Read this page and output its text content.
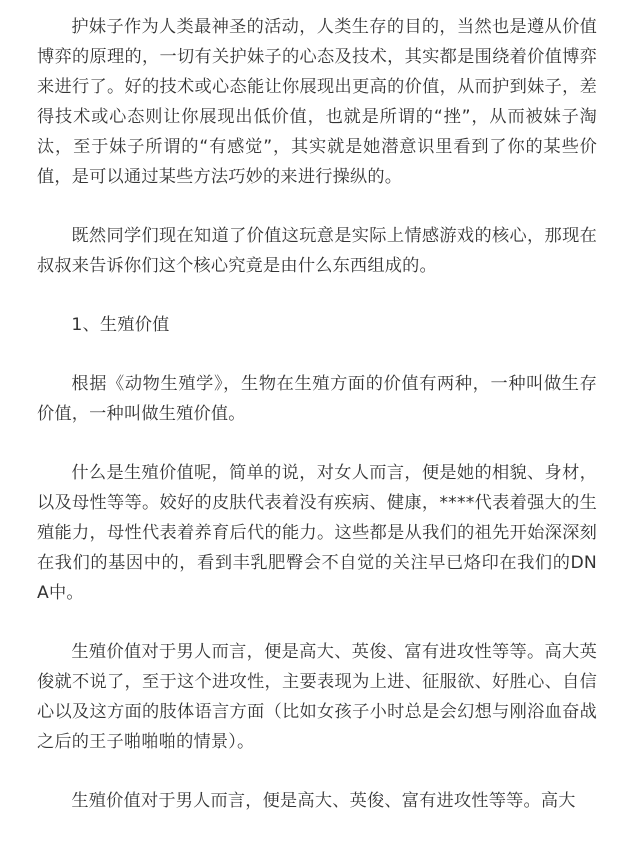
护妹子作为人类最神圣的活动，人类生存的目的，当然也是遵从价值博弈的原理的，一切有关护妹子的心态及技术，其实都是围绕着价值博弈来进行了。好的技术或心态能让你展现出更高的价值，从而护到妹子，差得技术或心态则让你展现出低价值，也就是所谓的“挫”，从而被妹子淘汰，至于妹子所谓的“有感觉”，其实就是她潜意识里看到了你的某些价值，是可以通过某些方法巧妙的来进行操纵的。

既然同学们现在知道了价值这玩意是实际上情感游戏的核心，那现在叔叔来告诉你们这个核心究竟是由什么东西组成的。

1、生殖价值

根据《动物生殖学》，生物在生殖方面的价值有两种，一种叫做生存价值，一种叫做生殖价值。

什么是生殖价值呢，简单的说，对女人而言，便是她的相貌、身材，以及母性等等。姣好的皮肤代表着没有疾病、健康，****代表着强大的生殖能力，母性代表着养育后代的能力。这些都是从我们的祖先开始深深刻在我们的基因中的，看到丰乳肥臀会不自觉的关注早已烙印在我们的DNA中。

生殖价值对于男人而言，便是高大、英俊、富有进攻性等等。高大英俊就不说了，至于这个进攻性，主要表现为上进、征服欲、好胜心、自信心以及这方面的肢体语言方面（比如女孩子小时总是会幻想与刚浴血奋战之后的王子啪啪啪的情景）。

生殖价值对于男人而言，便是高大、英俊、富有进攻性等等。高大
